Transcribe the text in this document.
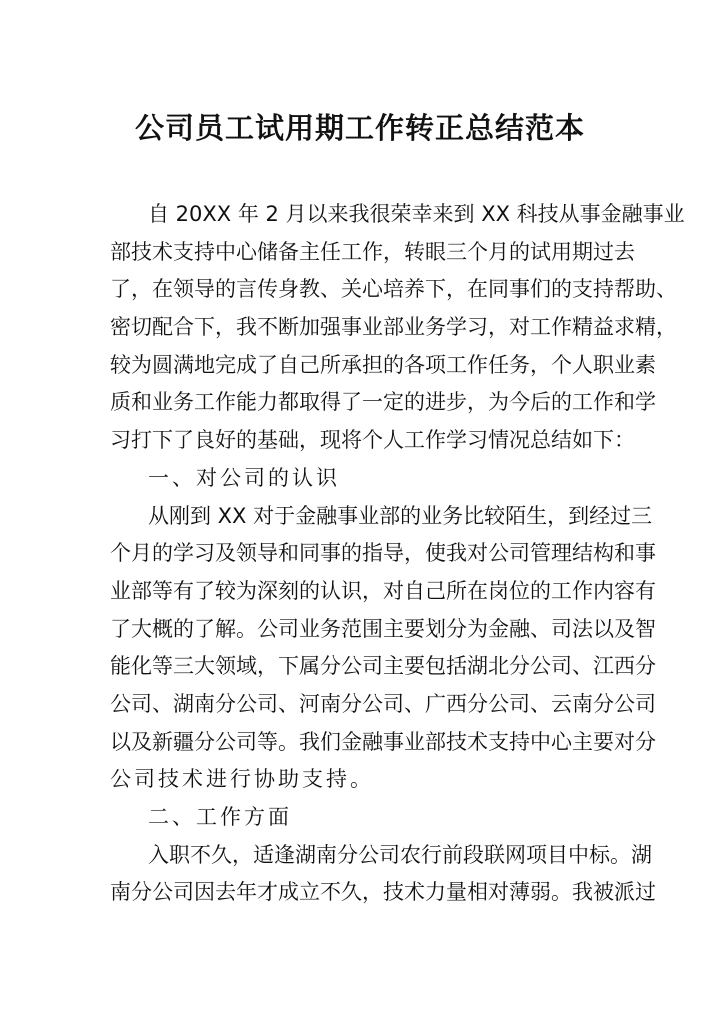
公司员工试用期工作转正总结范本
自 20XX 年 2 月以来我很荣幸来到 XX 科技从事金融事业
部技术支持中心储备主任工作，转眼三个月的试用期过去
了，在领导的言传身教、关心培养下，在同事们的支持帮助、
密切配合下，我不断加强事业部业务学习，对工作精益求精，
较为圆满地完成了自己所承担的各项工作任务，个人职业素
质和业务工作能力都取得了一定的进步，为今后的工作和学
习打下了良好的基础，现将个人工作学习情况总结如下：
一、对公司的认识
从刚到 XX 对于金融事业部的业务比较陌生，到经过三
个月的学习及领导和同事的指导，使我对公司管理结构和事
业部等有了较为深刻的认识，对自己所在岗位的工作内容有
了大概的了解。公司业务范围主要划分为金融、司法以及智
能化等三大领域，下属分公司主要包括湖北分公司、江西分
公司、湖南分公司、河南分公司、广西分公司、云南分公司
以及新疆分公司等。我们金融事业部技术支持中心主要对分
公司技术进行协助支持。
二、工作方面
入职不久，适逢湖南分公司农行前段联网项目中标。湖
南分公司因去年才成立不久，技术力量相对薄弱。我被派过
